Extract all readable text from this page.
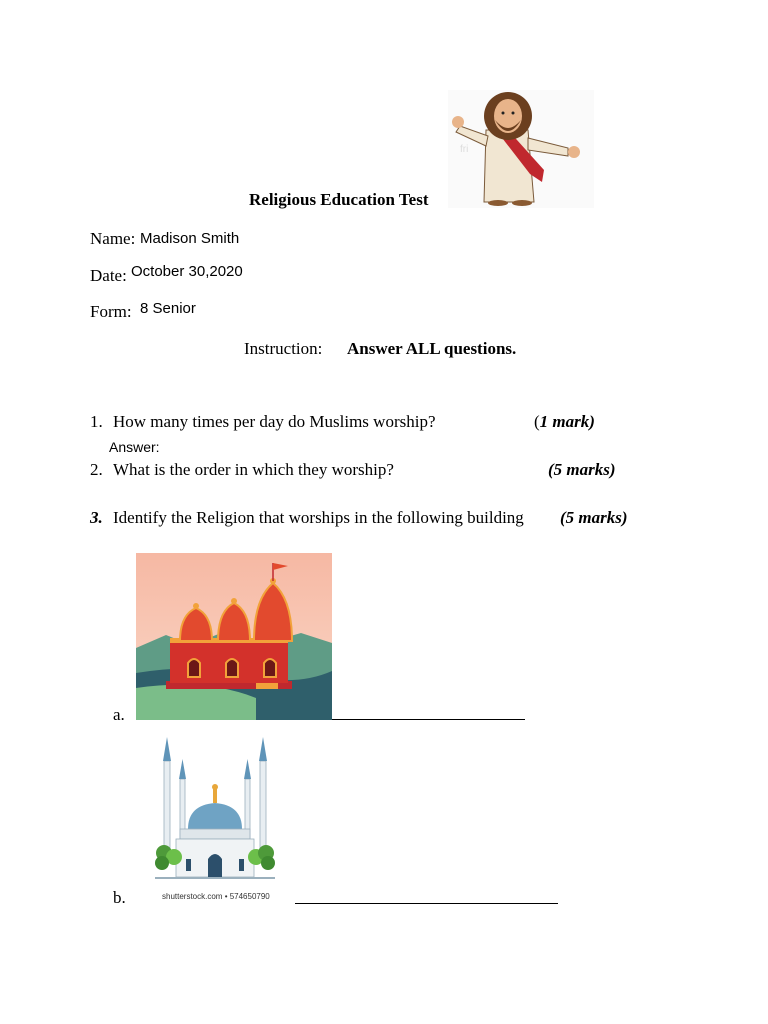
fri
Religious Education Test
Name: Madison Smith
Date: October 30,2020
Form: 8 Senior
Instruction: Answer ALL questions.
1. How many times per day do Muslims worship?	(1 mark)
Answer:
2. What is the order in which they worship?	(5 marks)
3. Identify the Religion that worships in the following building (5 marks)
a.
shutterstock.com • 574650790
b.
